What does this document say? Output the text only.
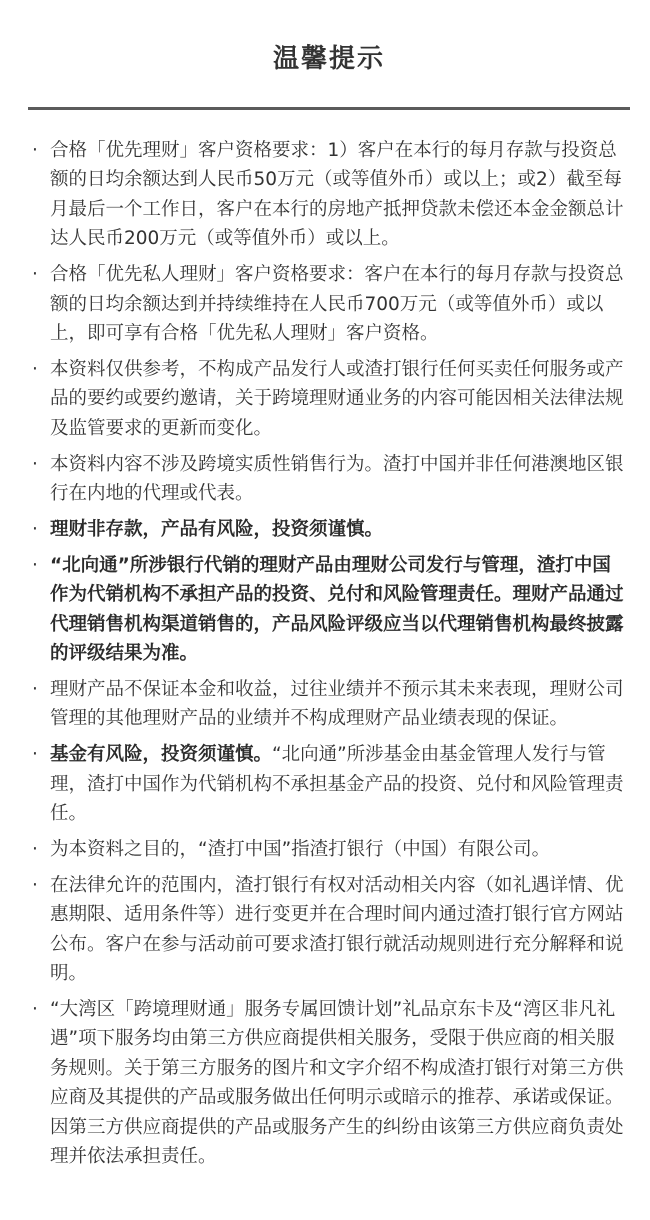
温馨提示
· 合格「优先理财」客户资格要求：1）客户在本行的每月存款与投资总额的日均余额达到人民币50万元（或等值外币）或以上；或2）截至每月最后一个工作日，客户在本行的房地产抵押贷款未偿还本金金额总计达人民币200万元（或等值外币）或以上。
· 合格「优先私人理财」客户资格要求：客户在本行的每月存款与投资总额的日均余额达到并持续维持在人民币700万元（或等值外币）或以上，即可享有合格「优先私人理财」客户资格。
· 本资料仅供参考，不构成产品发行人或渣打银行任何买卖任何服务或产品的要约或要约邀请，关于跨境理财通业务的内容可能因相关法律法规及监管要求的更新而变化。
· 本资料内容不涉及跨境实质性销售行为。渣打中国并非任何港澳地区银行在内地的代理或代表。
· 理财非存款，产品有风险，投资须谨慎。
· “北向通”所涉银行代销的理财产品由理财公司发行与管理，渣打中国作为代销机构不承担产品的投资、兑付和风险管理责任。理财产品通过代理销售机构渠道销售的，产品风险评级应当以代理销售机构最终披露的评级结果为准。
· 理财产品不保证本金和收益，过往业绩并不预示其未来表现，理财公司管理的其他理财产品的业绩并不构成理财产品业绩表现的保证。
· 基金有风险，投资须谨慎。“北向通”所涉基金由基金管理人发行与管理，渣打中国作为代销机构不承担基金产品的投资、兑付和风险管理责任。
· 为本资料之目的，“渣打中国”指渣打银行（中国）有限公司。
· 在法律允许的范围内，渣打银行有权对活动相关内容（如礼遇详情、优惠期限、适用条件等）进行变更并在合理时间内通过渣打银行官方网站公布。客户在参与活动前可要求渣打银行就活动规则进行充分解释和说明。
· “大湾区「跨境理财通」服务专属回馈计划”礼品京东卡及“湾区非凡礼遇”项下服务均由第三方供应商提供相关服务，受限于供应商的相关服务规则。关于第三方服务的图片和文字介绍不构成渣打银行对第三方供应商及其提供的产品或服务做出任何明示或暗示的推荐、承诺或保证。因第三方供应商提供的产品或服务产生的纠纷由该第三方供应商负责处理并依法承担责任。
